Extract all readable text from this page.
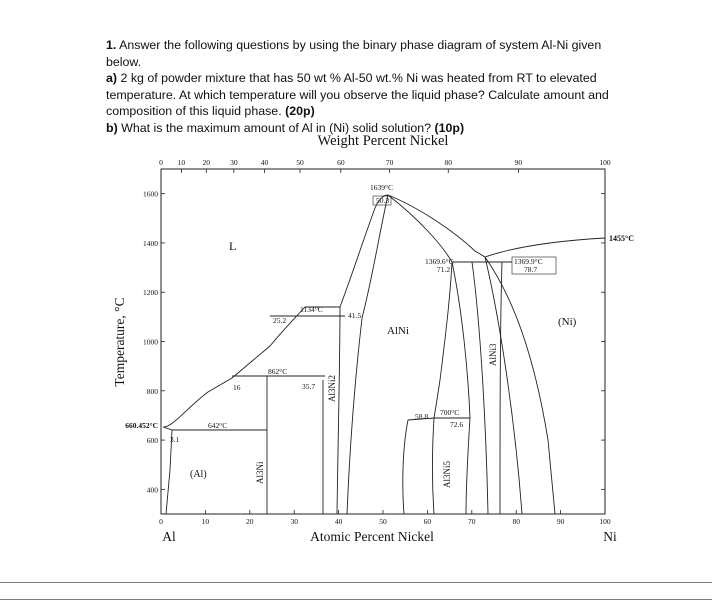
1. Answer the following questions by using the binary phase diagram of system Al-Ni given below.

a) 2 kg of powder mixture that has 50 wt % Al-50 wt.% Ni was heated from RT to elevated temperature. At which temperature will you observe the liquid phase? Calculate amount and composition of this liquid phase. (20p)

b) What is the maximum amount of Al in (Ni) solid solution? (10p)

Weight Percent Nickel
Atomic Percent Nickel
Temperature, °C
Al	Ni
0 10 20	30	40	50	60	70	80	90	100
0	10	20	30	40	50	60	70	80	90	100
400
600
800
1000
1200
1400
1600
660.452°C
L
(Al)
(Ni)
AlNi
Al3Ni
Al3Ni2
Al3Ni5
AlNi3
1639°C
50.3
1455°C
1369.6°C
71.2
1369.9°C
78.7
1134°C
25.2
41.5
862°C
35.7
16
642°C
3.1
700°C
58.8
72.6
